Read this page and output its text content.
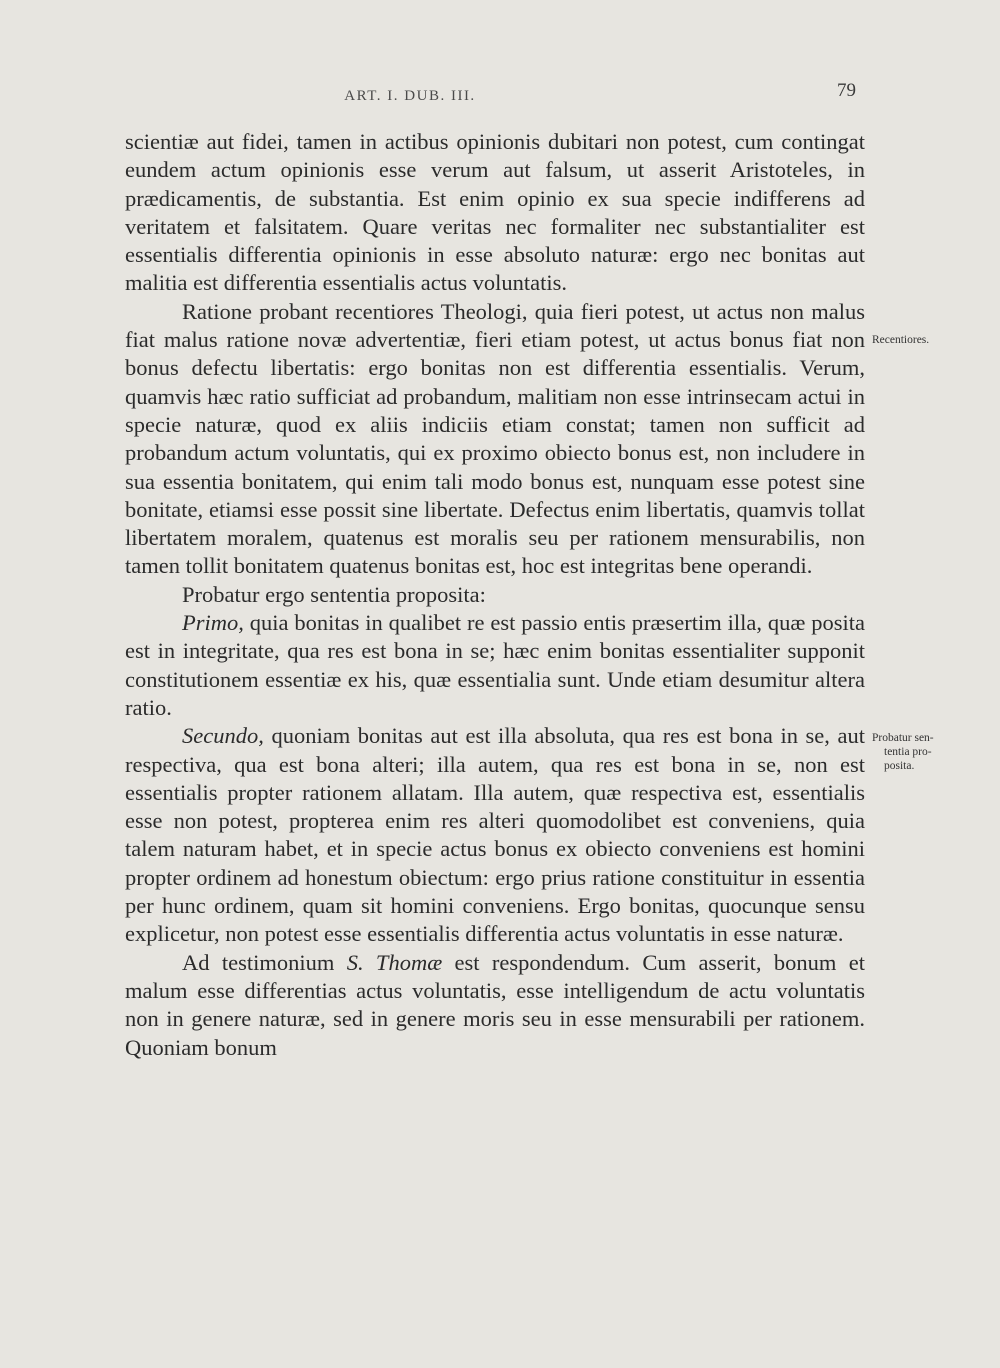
ART. I. DUB. III.	79

scientiæ aut fidei, tamen in actibus opinionis dubitari non potest, cum contingat eundem actum opinionis esse verum aut falsum, ut asserit Aristoteles, in prædicamentis, de substantia. Est enim opinio ex sua specie indifferens ad veritatem et falsitatem. Quare veritas nec formaliter nec substantialiter est essentialis differentia opinionis in esse absoluto naturæ: ergo nec bonitas aut malitia est differentia essentialis actus voluntatis.

Ratione probant recentiores Theologi, quia fieri potest, ut actus non malus fiat malus ratione novæ advertentiæ, fieri etiam potest, ut actus bonus fiat non bonus defectu libertatis: ergo bonitas non est differentia essentialis. Verum, quamvis hæc ratio sufficiat ad probandum, malitiam non esse intrinsecam actui in specie naturæ, quod ex aliis indiciis etiam constat; tamen non sufficit ad probandum actum voluntatis, qui ex proximo obiecto bonus est, non includere in sua essentia bonitatem, qui enim tali modo bonus est, nunquam esse potest sine bonitate, etiamsi esse possit sine libertate. Defectus enim libertatis, quamvis tollat libertatem moralem, quatenus est moralis seu per rationem mensurabilis, non tamen tollit bonitatem quatenus bonitas est, hoc est integritas bene operandi.

Probatur ergo sententia proposita:

Primo, quia bonitas in qualibet re est passio entis præsertim illa, quæ posita est in integritate, qua res est bona in se; hæc enim bonitas essentialiter supponit constitutionem essentiæ ex his, quæ essentialia sunt. Unde etiam desumitur altera ratio.

Secundo, quoniam bonitas aut est illa absoluta, qua res est bona in se, aut respectiva, qua est bona alteri; illa autem, qua res est bona in se, non est essentialis propter rationem allatam. Illa autem, quæ respectiva est, essentialis esse non potest, propterea enim res alteri quomodolibet est conveniens, quia talem naturam habet, et in specie actus bonus ex obiecto conveniens est homini propter ordinem ad honestum obiectum: ergo prius ratione constituitur in essentia per hunc ordinem, quam sit homini conveniens. Ergo bonitas, quocunque sensu explicetur, non potest esse essentialis differentia actus voluntatis in esse naturæ.

Ad testimonium S. Thomæ est respondendum. Cum asserit, bonum et malum esse differentias actus voluntatis, esse intelligendum de actu voluntatis non in genere naturæ, sed in genere moris seu in esse mensurabili per rationem. Quoniam bonum

Recentiores.
Probatur sen-
tentia pro-
posita.
